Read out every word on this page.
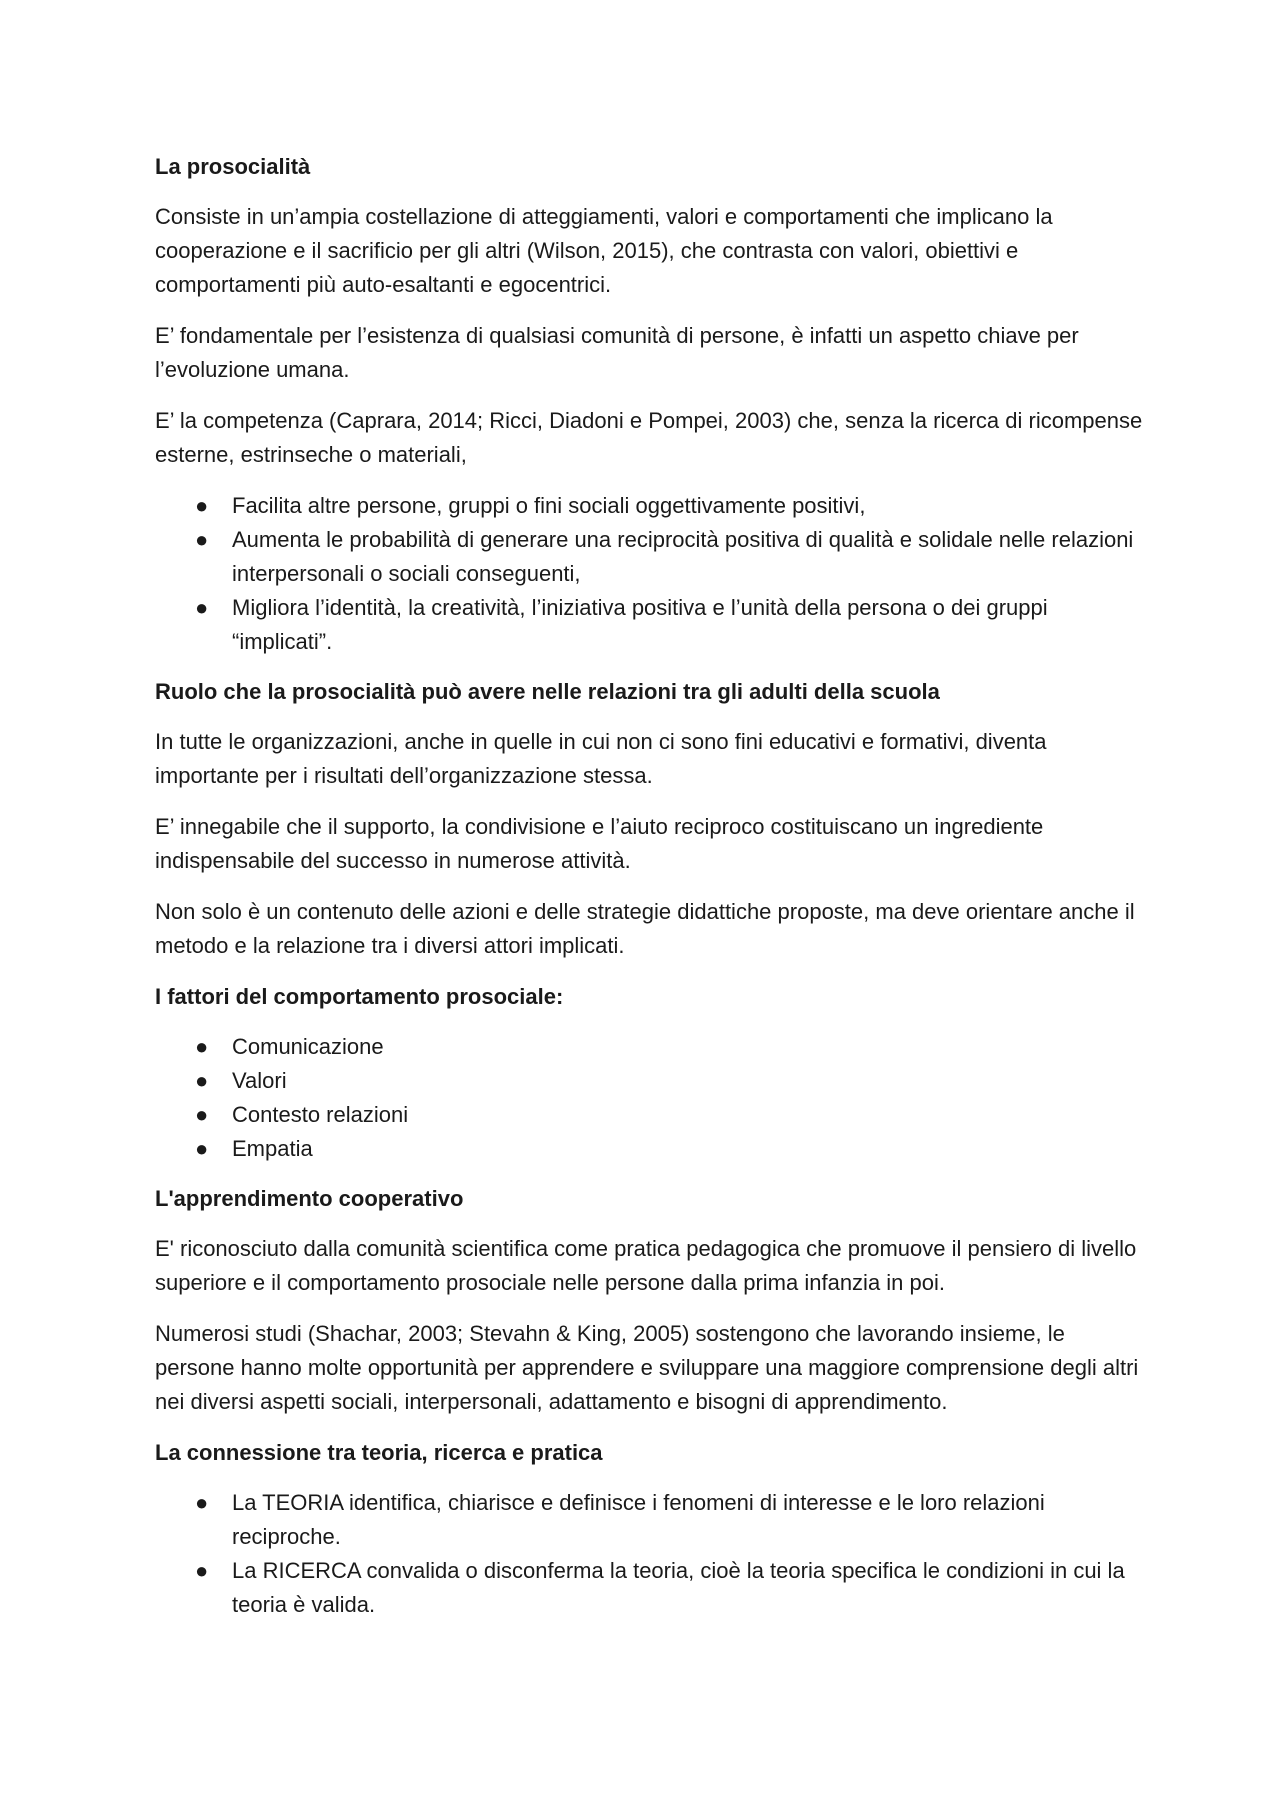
La prosocialità
Consiste in un’ampia costellazione di atteggiamenti, valori e comportamenti che implicano la cooperazione e il sacrificio per gli altri (Wilson, 2015), che contrasta con valori, obiettivi e comportamenti più auto-esaltanti e egocentrici.
E’ fondamentale per l’esistenza di qualsiasi comunità di persone, è infatti un aspetto chiave per l’evoluzione umana.
E’ la competenza (Caprara, 2014; Ricci, Diadoni e Pompei, 2003) che, senza la ricerca di ricompense esterne, estrinseche o materiali,
● Facilita altre persone, gruppi o fini sociali oggettivamente positivi,
● Aumenta le probabilità di generare una reciprocità positiva di qualità e solidale nelle relazioni interpersonali o sociali conseguenti,
● Migliora l’identità, la creatività, l’iniziativa positiva e l’unità della persona o dei gruppi “implicati”.
Ruolo che la prosocialità può avere nelle relazioni tra gli adulti della scuola
In tutte le organizzazioni, anche in quelle in cui non ci sono fini educativi e formativi, diventa importante per i risultati dell’organizzazione stessa.
E’ innegabile che il supporto, la condivisione e l’aiuto reciproco costituiscano un ingrediente indispensabile del successo in numerose attività.
Non solo è un contenuto delle azioni e delle strategie didattiche proposte, ma deve orientare anche il metodo e la relazione tra i diversi attori implicati.
I fattori del comportamento prosociale:
● Comunicazione
● Valori
● Contesto relazioni
● Empatia
L'apprendimento cooperativo
E' riconosciuto dalla comunità scientifica come pratica pedagogica che promuove il pensiero di livello superiore e il comportamento prosociale nelle persone dalla prima infanzia in poi.
Numerosi studi (Shachar, 2003; Stevahn & King, 2005) sostengono che lavorando insieme, le persone hanno molte opportunità per apprendere e sviluppare una maggiore comprensione degli altri nei diversi aspetti sociali, interpersonali, adattamento e bisogni di apprendimento.
La connessione tra teoria, ricerca e pratica
● La TEORIA identifica, chiarisce e definisce i fenomeni di interesse e le loro relazioni reciproche.
● La RICERCA convalida o disconferma la teoria, cioè la teoria specifica le condizioni in cui la teoria è valida.
